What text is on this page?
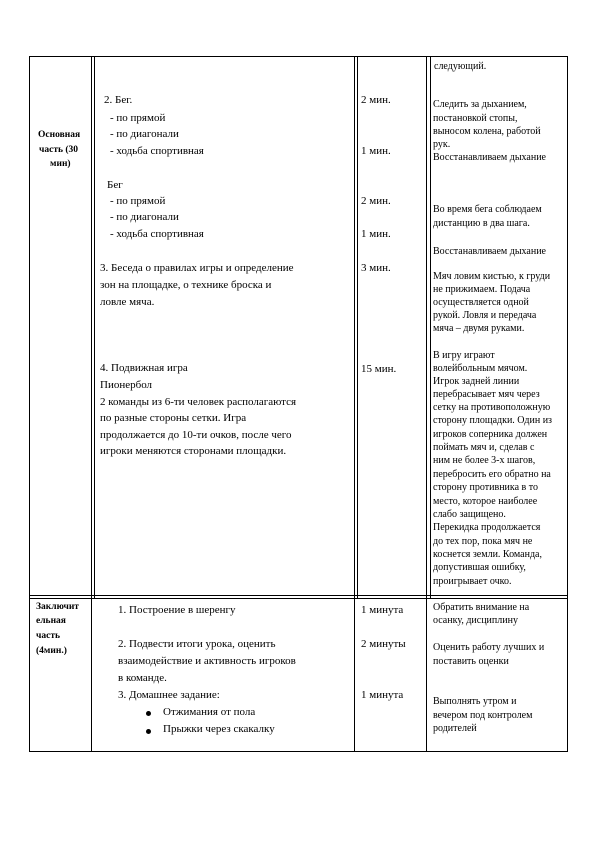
следующий.
Основная
часть (30
мин)
2. Бег.
- по прямой
- по диагонали
- ходьба спортивная
Бег
- по прямой
- по диагонали
- ходьба спортивная
3. Беседа о правилах игры и определение
зон на площадке, о технике броска и
ловле мяча.
4. Подвижная игра
Пионербол
2 команды из 6-ти человек располагаются
по разные стороны сетки. Игра
продолжается до 10-ти очков, после чего
игроки меняются сторонами площадки.
2 мин.
1 мин.
2 мин.
1 мин.
3 мин.
15 мин.
Следить за дыханием,
постановкой стопы,
выносом колена, работой
рук.
Восстанавливаем дыхание
Во время бега соблюдаем
дистанцию в два шага.
Восстанавливаем дыхание
Мяч ловим кистью, к груди
не прижимаем. Подача
осуществляется одной
рукой. Ловля и передача
мяча – двумя руками.
В игру играют
волейбольным мячом.
Игрок задней линии
перебрасывает мяч через
сетку на противоположную
сторону площадки. Один из
игроков соперника должен
поймать мяч и, сделав с
ним не более 3-х шагов,
перебросить его обратно на
сторону противника в то
место, которое наиболее
слабо защищено.
Перекидка продолжается
до тех пор, пока мяч не
коснется земли. Команда,
допустившая ошибку,
проигрывает очко.
Заключит
ельная
часть
(4мин.)
1. Построение в шеренгу
2. Подвести итоги урока, оценить
взаимодействие и активность игроков
в команде.
3. Домашнее задание:
Отжимания от пола
Прыжки через скакалку
1 минута
2 минуты
1 минута
Обратить внимание на
осанку, дисциплину
Оценить работу лучших и
поставить оценки
Выполнять утром и
вечером под контролем
родителей
